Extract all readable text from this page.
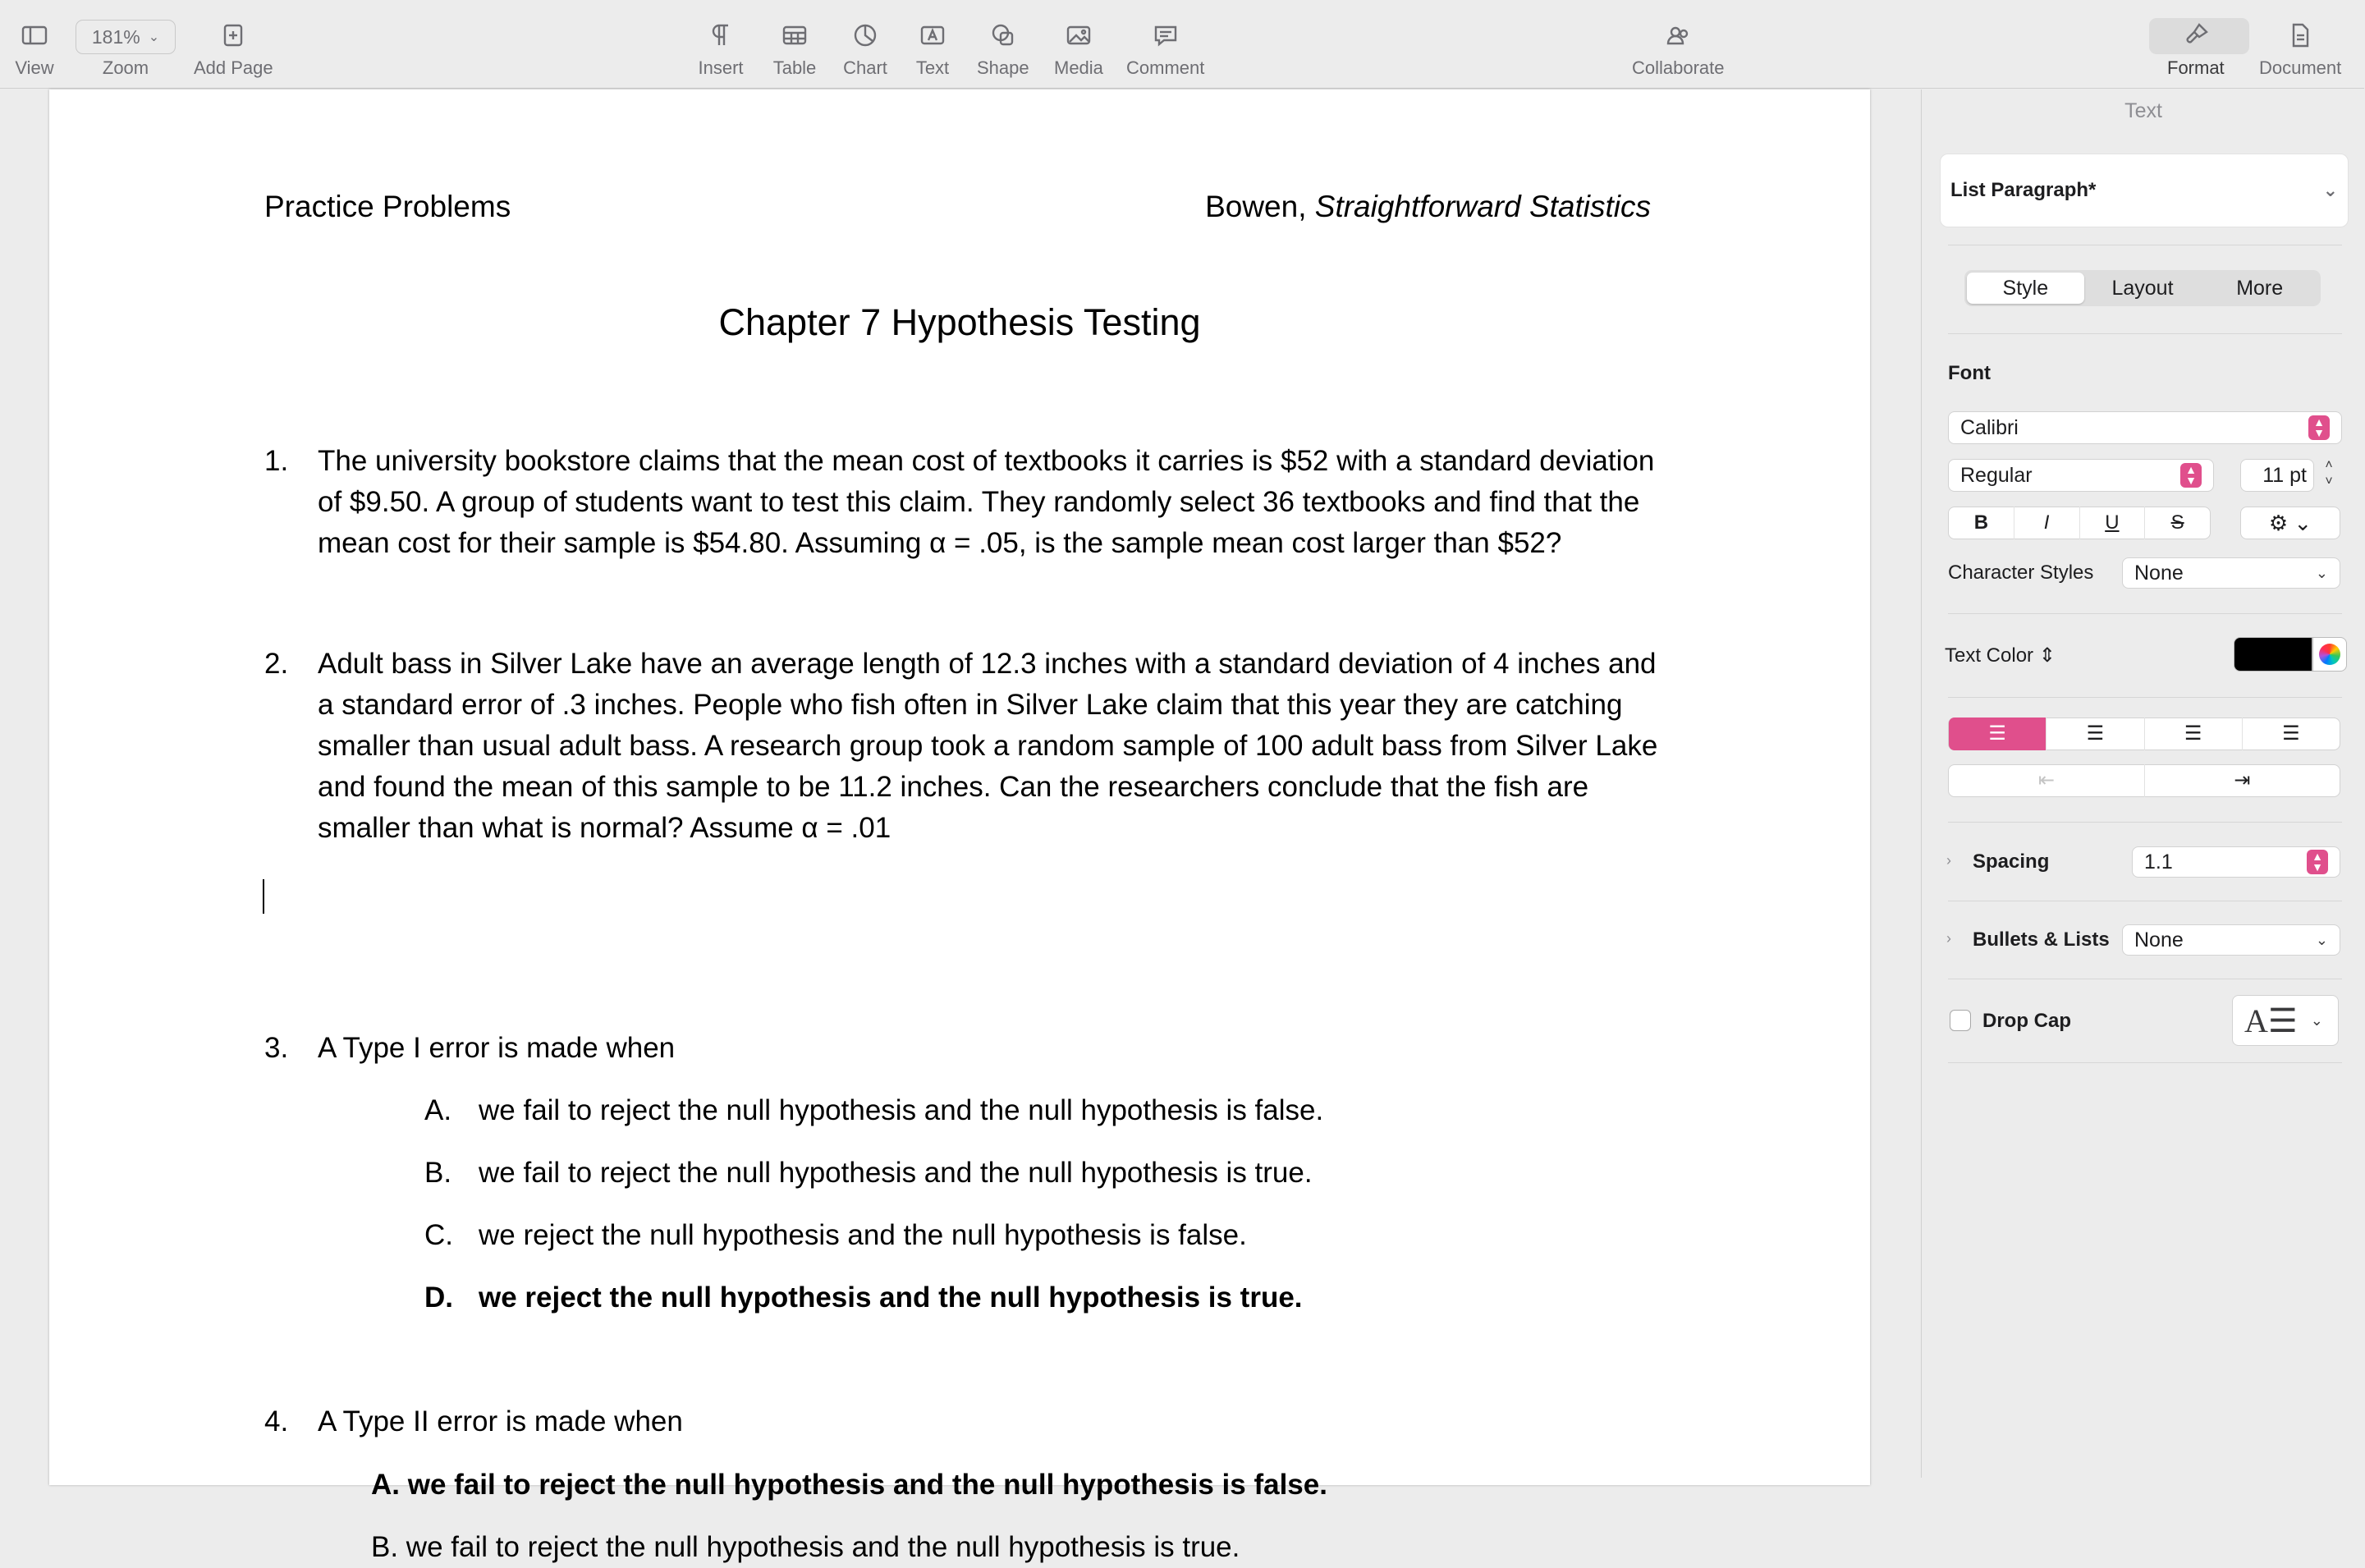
View	Zoom
181% ⌄
Add Page	Insert Table Chart Text Shape Media Comment	Collaborate	Format Document
Practice Problems	Bowen, Straightforward Statistics
Chapter 7 Hypothesis Testing
1. The university bookstore claims that the mean cost of textbooks it carries is $52 with a standard deviation of $9.50. A group of students want to test this claim. They randomly select 36 textbooks and find that the mean cost for their sample is $54.80. Assuming α = .05, is the sample mean cost larger than $52?
2. Adult bass in Silver Lake have an average length of 12.3 inches with a standard deviation of 4 inches and a standard error of .3 inches. People who fish often in Silver Lake claim that this year they are catching smaller than usual adult bass. A research group took a random sample of 100 adult bass from Silver Lake and found the mean of this sample to be 11.2 inches. Can the researchers conclude that the fish are smaller than what is normal? Assume α = .01
3. A Type I error is made when
A. we fail to reject the null hypothesis and the null hypothesis is false.
B. we fail to reject the null hypothesis and the null hypothesis is true.
C. we reject the null hypothesis and the null hypothesis is false.
D. we reject the null hypothesis and the null hypothesis is true.
4. A Type II error is made when
A. we fail to reject the null hypothesis and the null hypothesis is false.
B. we fail to reject the null hypothesis and the null hypothesis is true.
Text
List Paragraph*	⌄
Style	Layout	More
Font
Calibri	▲
▼
Regular	▲
▼	11 pt	˄
˅
B	I	U	S	⚙ ⌄
Character Styles None	⌄
Text Color ⇕
☰	☰	☰	☰
⇤	⇥
› Spacing	1.1	▲
▼
› Bullets & Lists None	⌄
Drop Cap	A☰ ⌄
